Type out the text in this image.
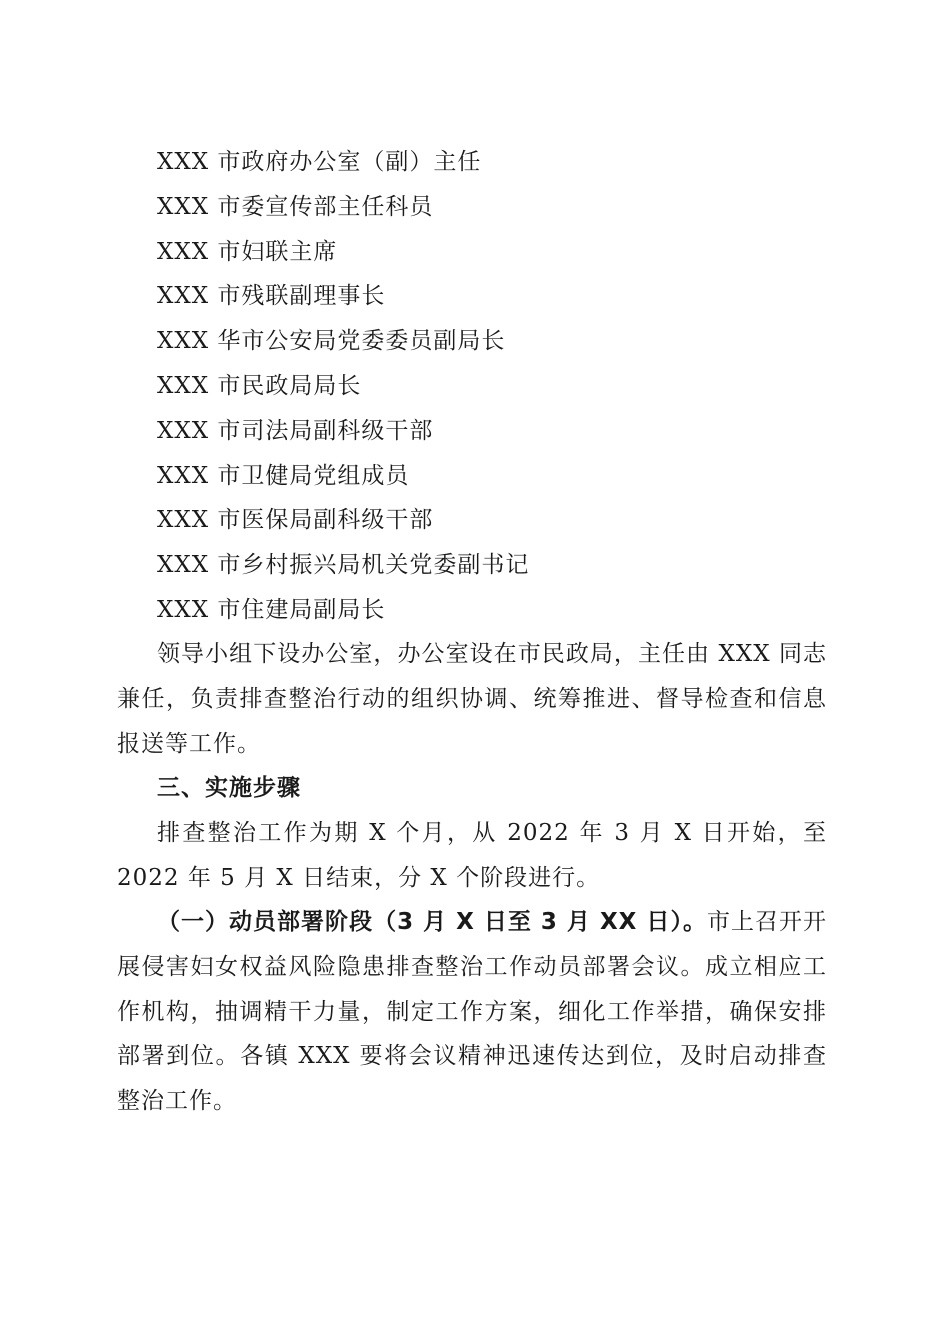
XXX 市政府办公室（副）主任
XXX 市委宣传部主任科员
XXX 市妇联主席
XXX 市残联副理事长
XXX 华市公安局党委委员副局长
XXX 市民政局局长
XXX 市司法局副科级干部
XXX 市卫健局党组成员
XXX 市医保局副科级干部
XXX 市乡村振兴局机关党委副书记
XXX 市住建局副局长

领导小组下设办公室，办公室设在市民政局，主任由 XXX 同志兼任，负责排查整治行动的组织协调、统筹推进、督导检查和信息报送等工作。

三、实施步骤

排查整治工作为期 X 个月，从 2022 年 3 月 X 日开始，至 2022 年 5 月 X 日结束，分 X 个阶段进行。

（一）动员部署阶段（3 月 X 日至 3 月 XX 日）。市上召开开展侵害妇女权益风险隐患排查整治工作动员部署会议。成立相应工作机构，抽调精干力量，制定工作方案，细化工作举措，确保安排部署到位。各镇 XXX 要将会议精神迅速传达到位，及时启动排查整治工作。
